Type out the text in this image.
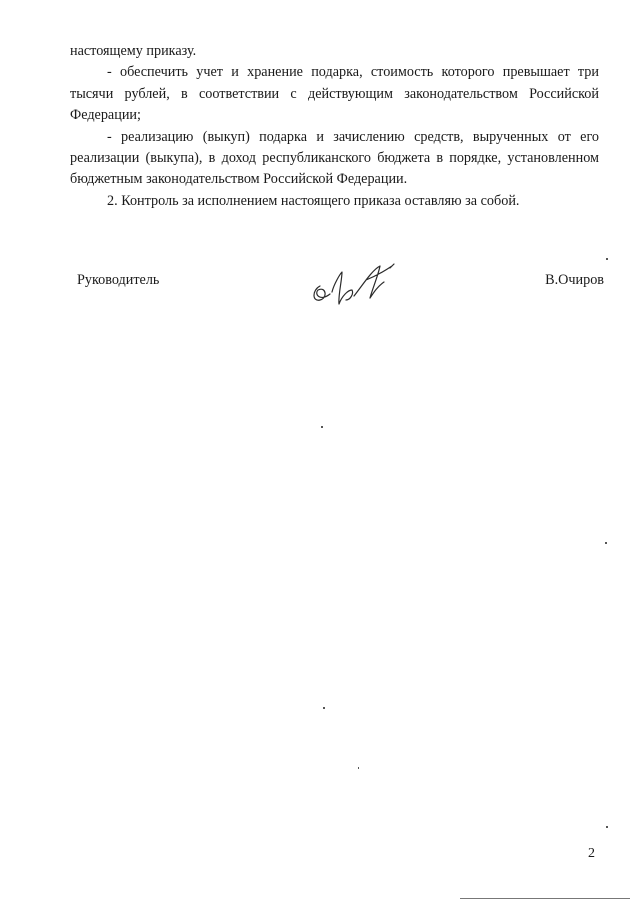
настоящему приказу.

- обеспечить учет и хранение подарка, стоимость которого превышает три тысячи рублей, в соответствии с действующим законодательством Российской Федерации;

- реализацию (выкуп) подарка и зачислению средств, вырученных от его реализации (выкупа), в доход республиканского бюджета в порядке, установленном бюджетным законодательством Российской Федерации.

2. Контроль за исполнением настоящего приказа оставляю за собой.

Руководитель	В.Очиров
2
